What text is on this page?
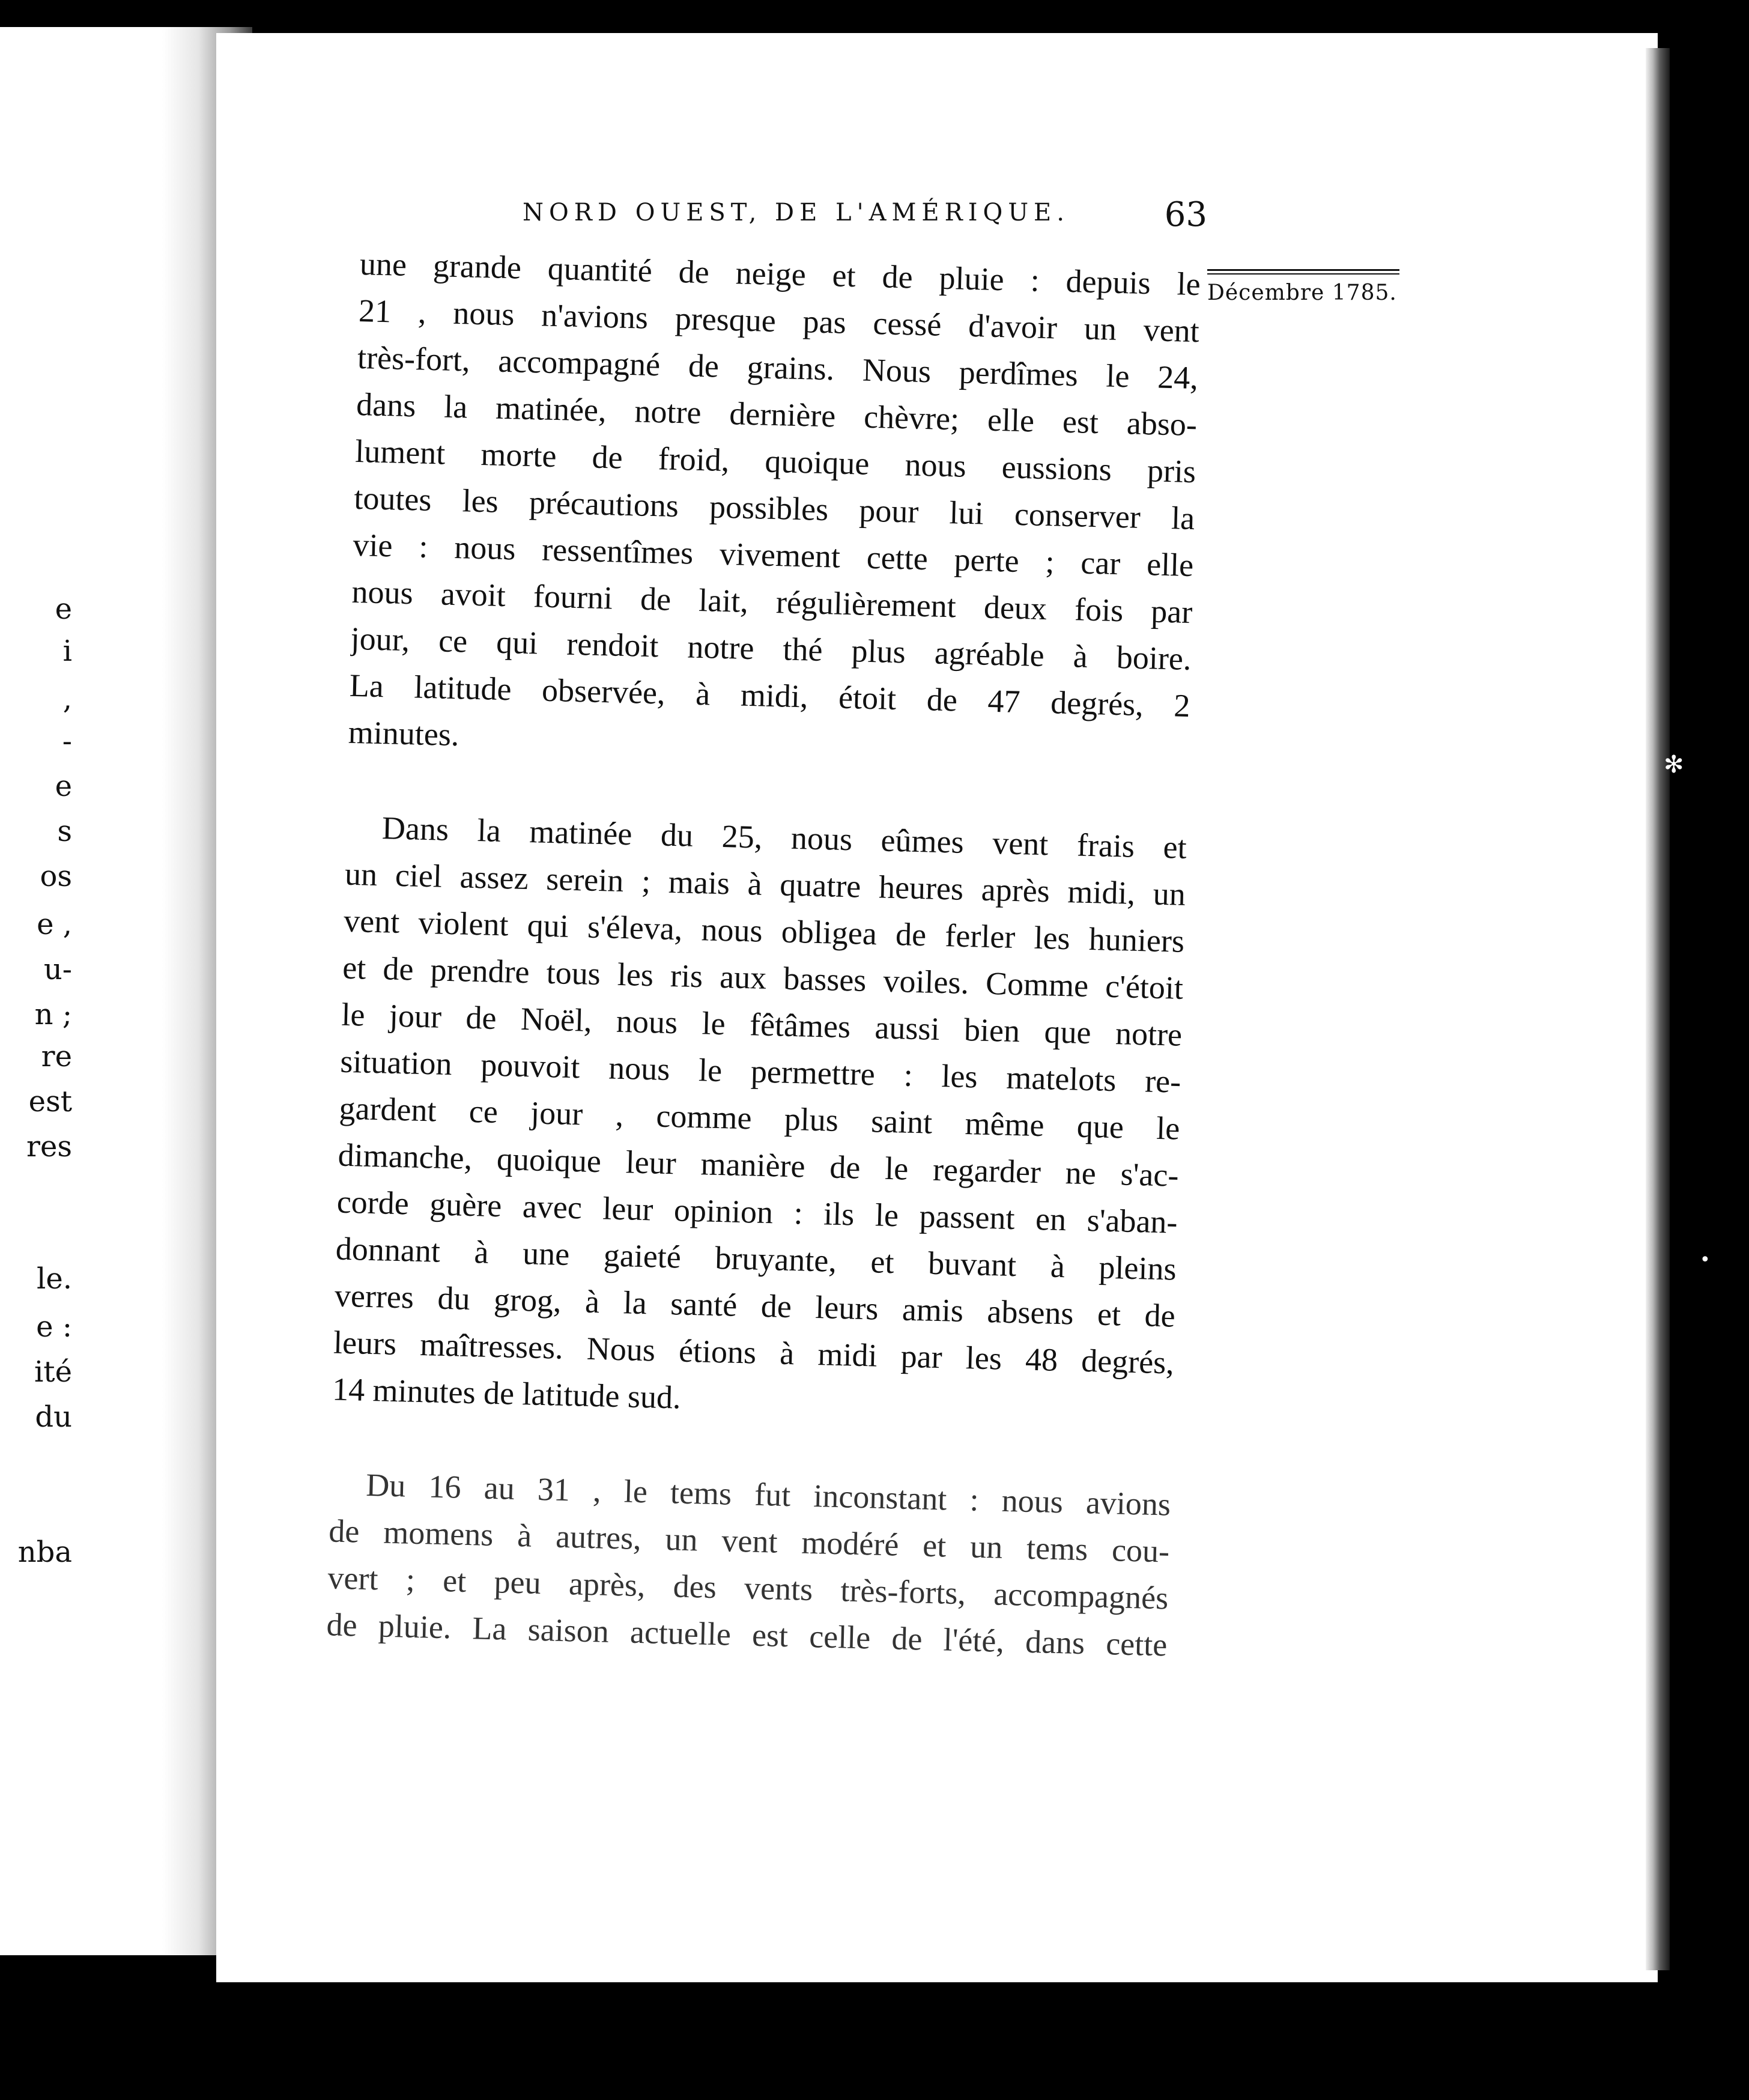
e
i
,
-
e
s
os
e ,
u-
n ;
re
est
res
le.
e :
ité
du
nba
NORD OUEST, DE L'AMÉRIQUE.	63
Décembre 1785.
une grande quantité de neige et de pluie : depuis le
21 , nous n'avions presque pas cessé d'avoir un vent
très-fort, accompagné de grains. Nous perdîmes le 24,
dans la matinée, notre dernière chèvre; elle est abso-
lument morte de froid, quoique nous eussions pris
toutes les précautions possibles pour lui conserver la
vie : nous ressentîmes vivement cette perte ; car elle
nous avoit fourni de lait, régulièrement deux fois par
jour, ce qui rendoit notre thé plus agréable à boire.
La latitude observée, à midi, étoit de 47 degrés, 2
minutes.
Dans la matinée du 25, nous eûmes vent frais et
un ciel assez serein ; mais à quatre heures après midi, un
vent violent qui s'éleva, nous obligea de ferler les huniers
et de prendre tous les ris aux basses voiles. Comme c'étoit
le jour de Noël, nous le fêtâmes aussi bien que notre
situation pouvoit nous le permettre : les matelots re-
gardent ce jour , comme plus saint même que le
dimanche, quoique leur manière de le regarder ne s'ac-
corde guère avec leur opinion : ils le passent en s'aban-
donnant à une gaieté bruyante, et buvant à pleins
verres du grog, à la santé de leurs amis absens et de
leurs maîtresses. Nous étions à midi par les 48 degrés,
14 minutes de latitude sud.
Du 16 au 31 , le tems fut inconstant : nous avions
de momens à autres, un vent modéré et un tems cou-
vert ; et peu après, des vents très-forts, accompagnés
de pluie. La saison actuelle est celle de l'été, dans cette
✻
•
